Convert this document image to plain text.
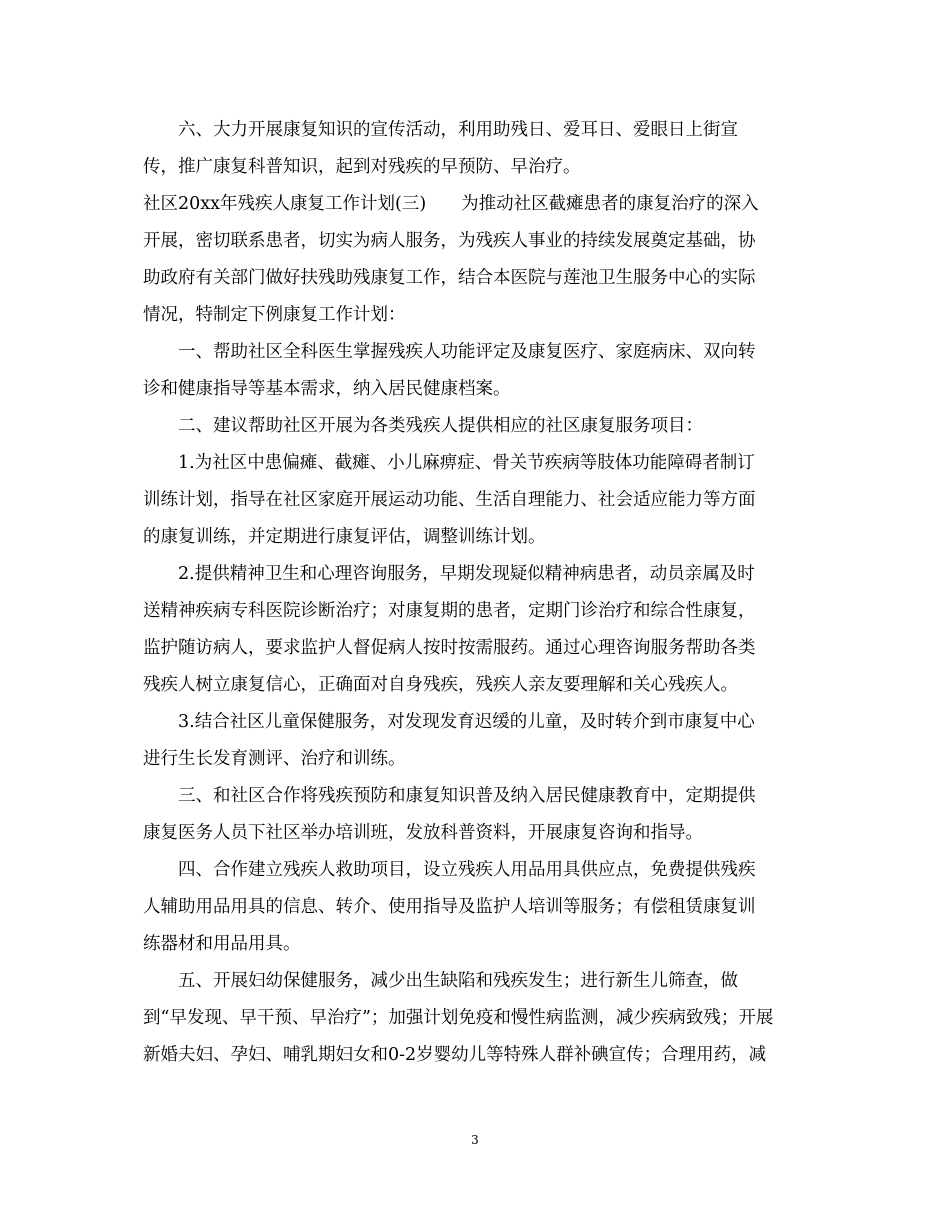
六、大力开展康复知识的宣传活动，利用助残日、爱耳日、爱眼日上街宣
传，推广康复科普知识，起到对残疾的早预防、早治疗。
社区20xx年残疾人康复工作计划(三)　　为推动社区截瘫患者的康复治疗的深入
开展，密切联系患者，切实为病人服务，为残疾人事业的持续发展奠定基础，协
助政府有关部门做好扶残助残康复工作，结合本医院与莲池卫生服务中心的实际
情况，特制定下例康复工作计划：
一、帮助社区全科医生掌握残疾人功能评定及康复医疗、家庭病床、双向转
诊和健康指导等基本需求，纳入居民健康档案。
二、建议帮助社区开展为各类残疾人提供相应的社区康复服务项目：
1.为社区中患偏瘫、截瘫、小儿麻痹症、骨关节疾病等肢体功能障碍者制订
训练计划，指导在社区家庭开展运动功能、生活自理能力、社会适应能力等方面
的康复训练，并定期进行康复评估，调整训练计划。
2.提供精神卫生和心理咨询服务，早期发现疑似精神病患者，动员亲属及时
送精神疾病专科医院诊断治疗；对康复期的患者，定期门诊治疗和综合性康复，
监护随访病人，要求监护人督促病人按时按需服药。通过心理咨询服务帮助各类
残疾人树立康复信心，正确面对自身残疾，残疾人亲友要理解和关心残疾人。
3.结合社区儿童保健服务，对发现发育迟缓的儿童，及时转介到市康复中心
进行生长发育测评、治疗和训练。
三、和社区合作将残疾预防和康复知识普及纳入居民健康教育中，定期提供
康复医务人员下社区举办培训班，发放科普资料，开展康复咨询和指导。
四、合作建立残疾人救助项目，设立残疾人用品用具供应点，免费提供残疾
人辅助用品用具的信息、转介、使用指导及监护人培训等服务；有偿租赁康复训
练器材和用品用具。
五、开展妇幼保健服务，减少出生缺陷和残疾发生；进行新生儿筛查，做
到“早发现、早干预、早治疗”；加强计划免疫和慢性病监测，减少疾病致残；开展
新婚夫妇、孕妇、哺乳期妇女和0-2岁婴幼儿等特殊人群补碘宣传；合理用药，减
3
